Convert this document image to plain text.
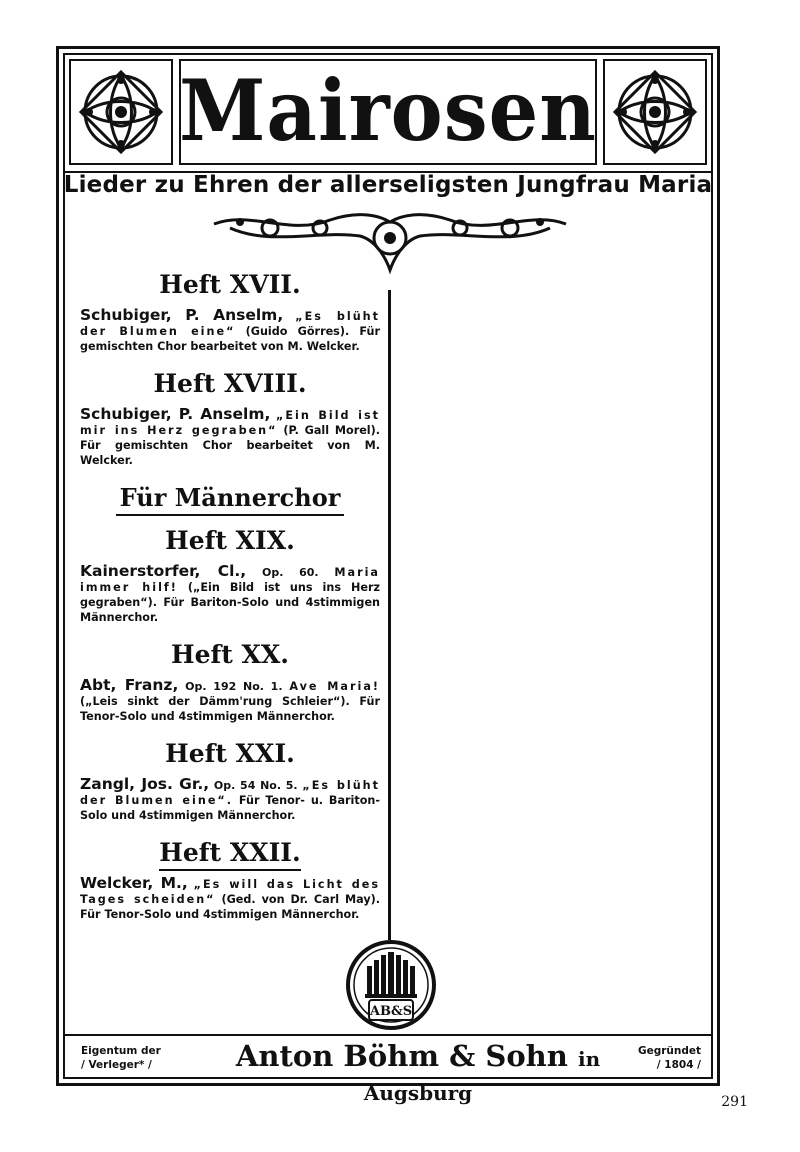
Mairosen
Lieder zu Ehren der allerseligsten Jungfrau Maria
Heft XVII.
Schubiger, P. Anselm, „Es blüht der Blumen eine“ (Guido Görres). Für gemischten Chor bearbeitet von M. Welcker.
Heft XVIII.
Schubiger, P. Anselm, „Ein Bild ist mir ins Herz gegraben“ (P. Gall Morel). Für gemischten Chor bearbeitet von M. Welcker.
Für Männerchor
Heft XIX.
Kainerstorfer, Cl., Op. 60. Maria immer hilf! („Ein Bild ist uns ins Herz gegraben“). Für Bariton-Solo und 4stimmigen Männerchor.
Heft XX.
Abt, Franz, Op. 192 No. 1. Ave Maria! („Leis sinkt der Dämm'rung Schleier“). Für Tenor-Solo und 4stimmigen Männerchor.
Heft XXI.
Zangl, Jos. Gr., Op. 54 No. 5. „Es blüht der Blumen eine“. Für Tenor- u. Bariton-Solo und 4stimmigen Männerchor.
Heft XXII.
Welcker, M., „Es will das Licht des Tages scheiden“ (Ged. von Dr. Carl May). Für Tenor-Solo und 4stimmigen Männerchor.
AB&S
Eigentum der
/ Verleger* /	Anton Böhm & Sohn in Augsburg
Gegründet
/ 1804 /
291
